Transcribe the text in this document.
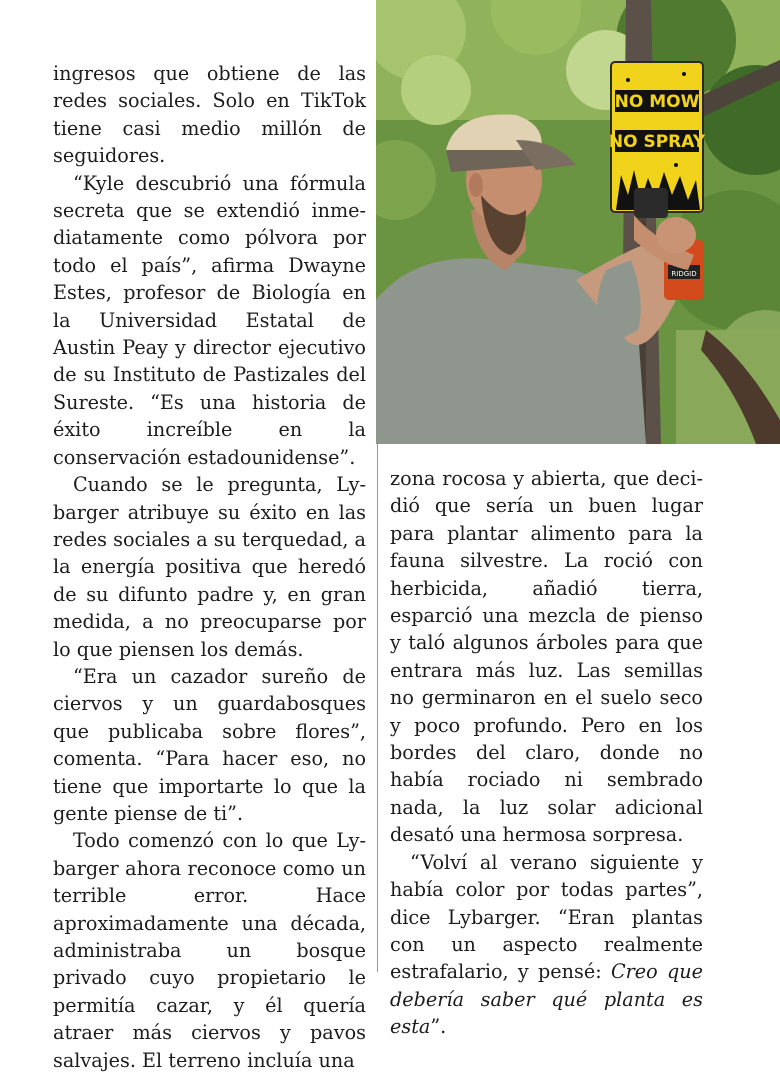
NO MOW
NO SPRAY
RIDGID

ingresos que obtiene de las redes sociales. Solo en TikTok tiene casi medio millón de seguidores.

“Kyle descubrió una fórmula secreta que se extendió inmediatamente como pólvora por todo el país”, afirma Dwayne Estes, profesor de Biología en la Universidad Estatal de Austin Peay y director ejecutivo de su Instituto de Pastizales del Sureste. “Es una historia de éxito increíble en la conservación estadounidense”.

Cuando se le pregunta, Lybarger atribuye su éxito en las redes sociales a su terquedad, a la energía positiva que heredó de su difunto padre y, en gran medida, a no preocuparse por lo que piensen los demás.

“Era un cazador sureño de ciervos y un guardabosques que publicaba sobre flores”, comenta. “Para hacer eso, no tiene que importarte lo que la gente piense de ti”.

Todo comenzó con lo que Lybarger ahora reconoce como un terrible error. Hace aproximadamente una década, administraba un bosque privado cuyo propietario le permitía cazar, y él quería atraer más ciervos y pavos salvajes. El terreno incluía una

zona rocosa y abierta, que decidió que sería un buen lugar para plantar alimento para la fauna silvestre. La roció con herbicida, añadió tierra, esparció una mezcla de pienso y taló algunos árboles para que entrara más luz. Las semillas no germinaron en el suelo seco y poco profundo. Pero en los bordes del claro, donde no había rociado ni sembrado nada, la luz solar adicional desató una hermosa sorpresa.

“Volví al verano siguiente y había color por todas partes”, dice Lybarger. “Eran plantas con un aspecto realmente estrafalario, y pensé: Creo que debería saber qué planta es esta”.
